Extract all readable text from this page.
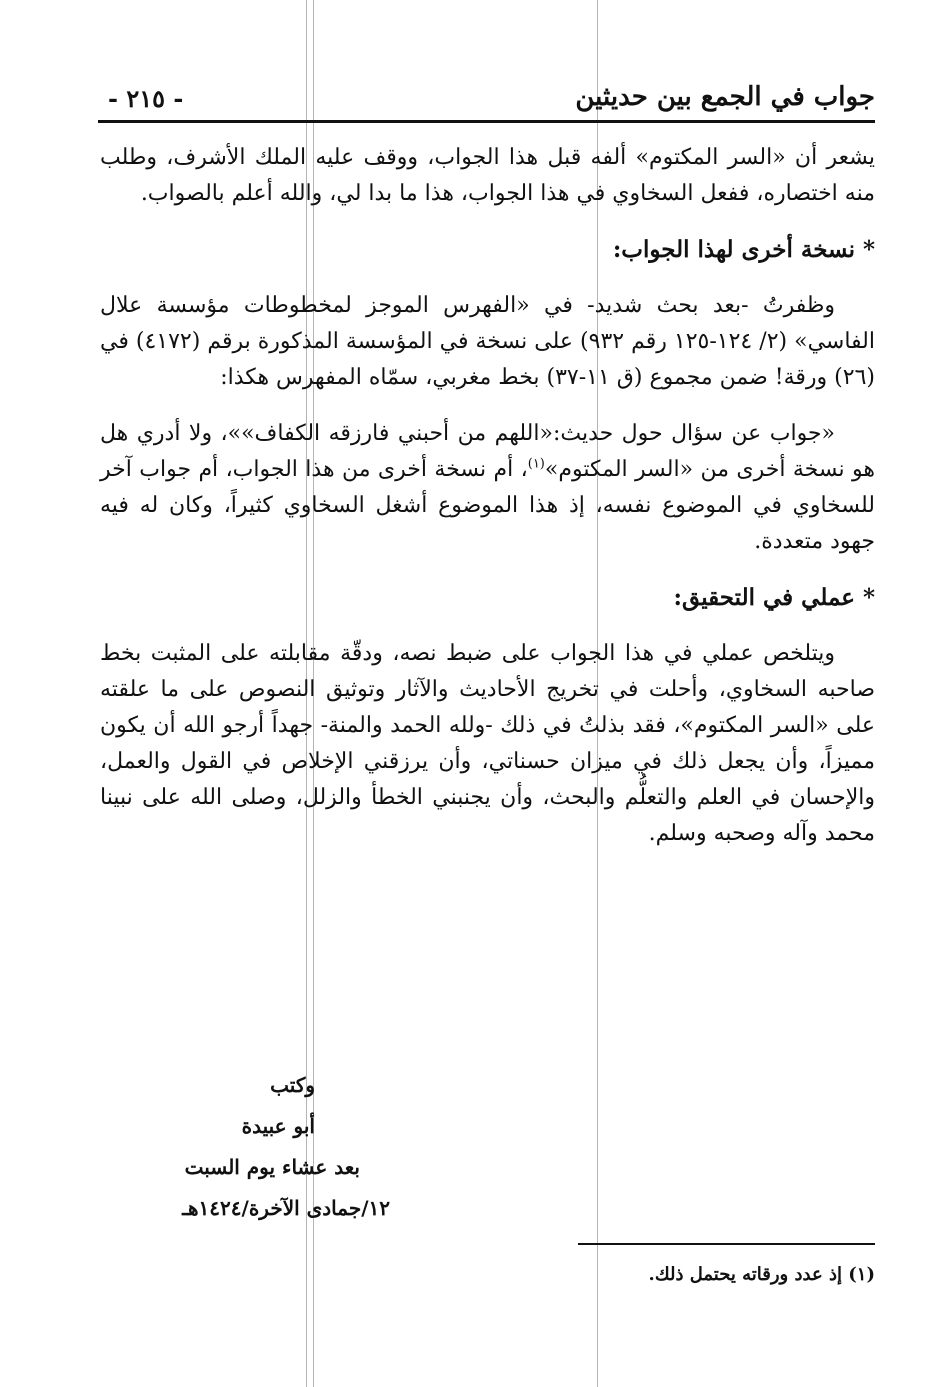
جواب في الجمع بين حديثين
- ٢١٥ -

يشعر أن «السر المكتوم» ألفه قبل هذا الجواب، ووقف عليه الملك الأشرف، وطلب منه اختصاره، ففعل السخاوي في هذا الجواب، هذا ما بدا لي، والله أعلم بالصواب.

*نسخة أخرى لهذا الجواب:

وظفرتُ -بعد بحث شديد- في «الفهرس الموجز لمخطوطات مؤسسة علال الفاسي» (٢/ ١٢٤-١٢٥ رقم ٩٣٢) على نسخة في المؤسسة المذكورة برقم (٤١٧٢) في (٢٦) ورقة! ضمن مجموع (ق ١١-٣٧) بخط مغربي، سمّاه المفهرس هكذا:

«جواب عن سؤال حول حديث:«اللهم من أحبني فارزقه الكفاف»»، ولا أدري هل هو نسخة أخرى من «السر المكتوم»$^{(١)}$، أم نسخة أخرى من هذا الجواب، أم جواب آخر للسخاوي في الموضوع نفسه، إذ هذا الموضوع أشغل السخاوي كثيراً، وكان له فيه جهود متعددة.

*عملي في التحقيق:

ويتلخص عملي في هذا الجواب على ضبط نصه، ودقّة مقابلته على المثبت بخط صاحبه السخاوي، وأحلت في تخريج الأحاديث والآثار وتوثيق النصوص على ما علقته على «السر المكتوم»، فقد بذلتُ في ذلك -ولله الحمد والمنة- جهداً أرجو الله أن يكون مميزاً، وأن يجعل ذلك في ميزان حسناتي، وأن يرزقني الإخلاص في القول والعمل، والإحسان في العلم والتعلُّم والبحث، وأن يجنبني الخطأ والزلل، وصلى الله على نبينا محمد وآله وصحبه وسلم.

وكتب
أبو عبيدة
بعد عشاء يوم السبت
١٢/جمادى الآخرة/١٤٢٤هـ
(١) إذ عدد ورقاته يحتمل ذلك.
